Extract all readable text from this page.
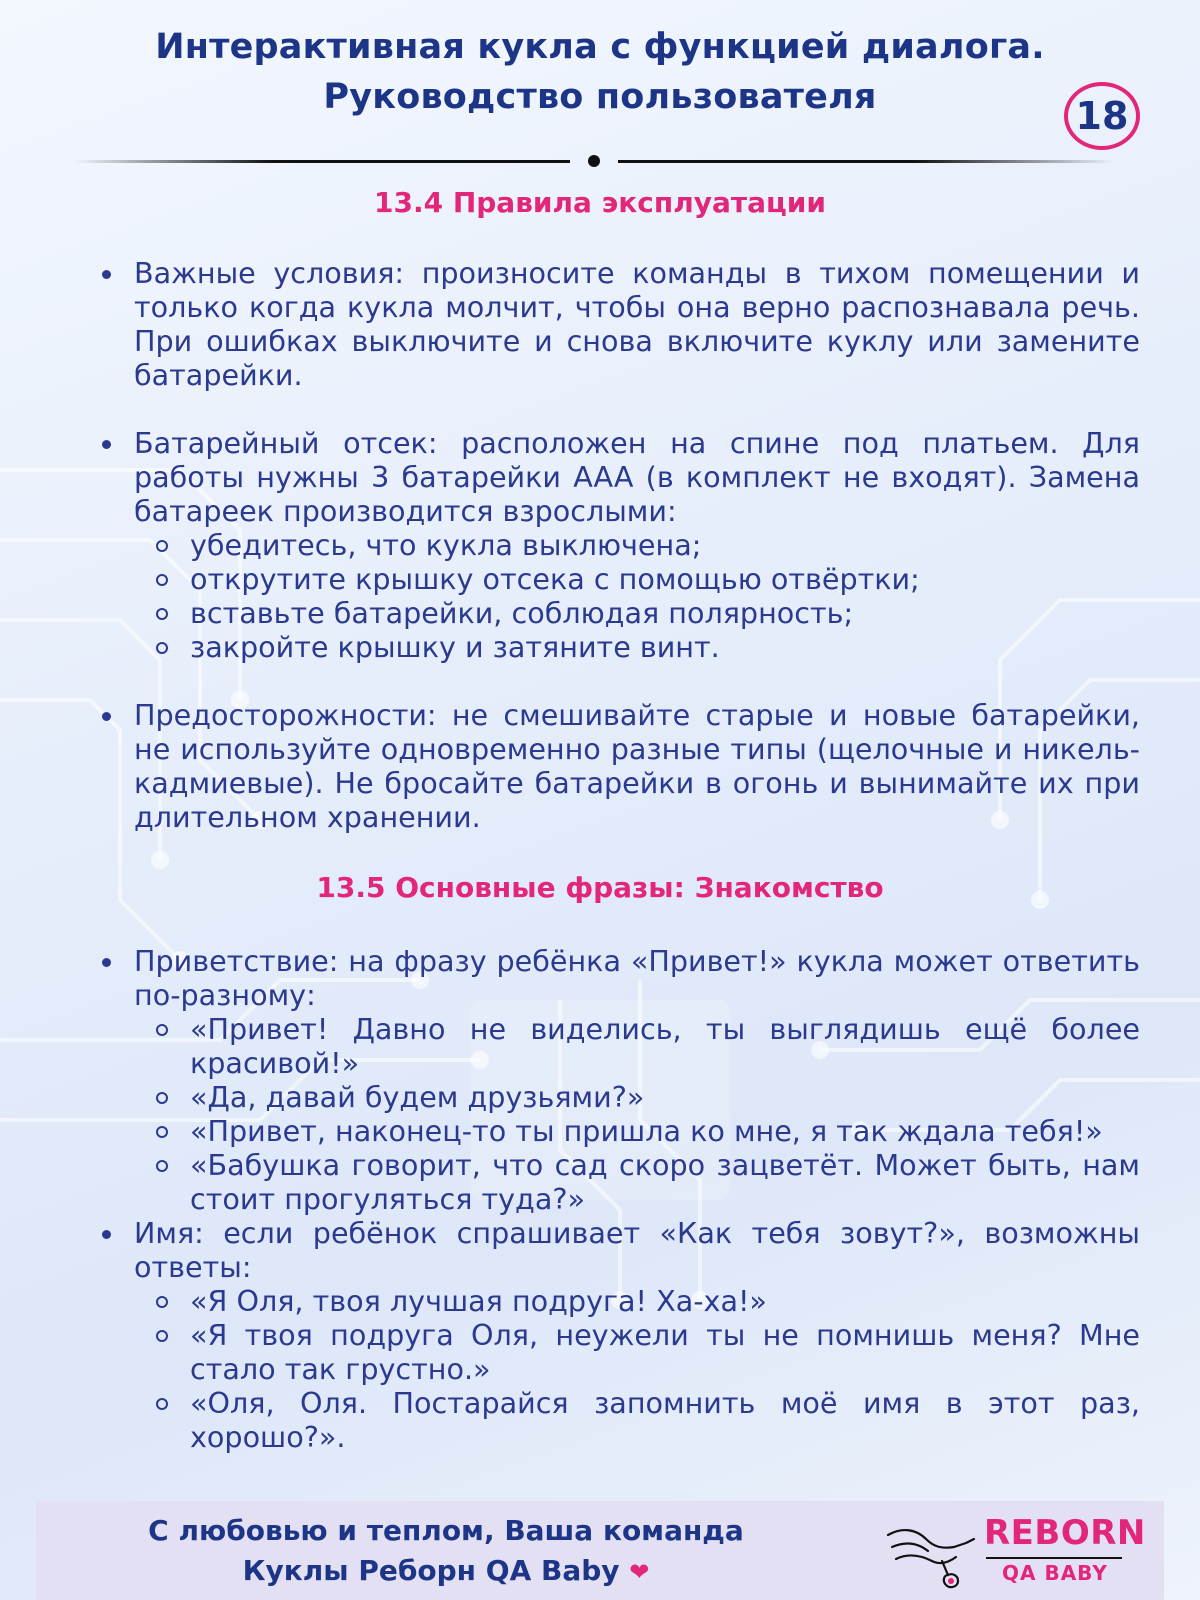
Интерактивная кукла с функцией диалога.
Руководство пользователя	18
13.4 Правила эксплуатации
Важные условия: произносите команды в тихом помещении и только когда кукла молчит, чтобы она верно распознавала речь. При ошибках выключите и снова включите куклу или замените батарейки.
Батарейный отсек: расположен на спине под платьем. Для работы нужны 3 батарейки AAA (в комплект не входят). Замена батареек производится взрослыми:
убедитесь, что кукла выключена;
открутите крышку отсека с помощью отвёртки;
вставьте батарейки, соблюдая полярность;
закройте крышку и затяните винт.
Предосторожности: не смешивайте старые и новые батарейки, не используйте одновременно разные типы (щелочные и никель-кадмиевые). Не бросайте батарейки в огонь и вынимайте их при длительном хранении.
13.5 Основные фразы: Знакомство
Приветствие: на фразу ребёнка «Привет!» кукла может ответить по-разному:
«Привет! Давно не виделись, ты выглядишь ещё более красивой!»
«Да, давай будем друзьями?»
«Привет, наконец-то ты пришла ко мне, я так ждала тебя!»
«Бабушка говорит, что сад скоро зацветёт. Может быть, нам стоит прогуляться туда?»
Имя: если ребёнок спрашивает «Как тебя зовут?», возможны ответы:
«Я Оля, твоя лучшая подруга! Ха-ха!»
«Я твоя подруга Оля, неужели ты не помнишь меня? Мне стало так грустно.»
«Оля, Оля. Постарайся запомнить моё имя в этот раз, хорошо?».
С любовью и теплом, Ваша команда
Куклы Реборн QA Baby ❤
REBORN
QA BABY
